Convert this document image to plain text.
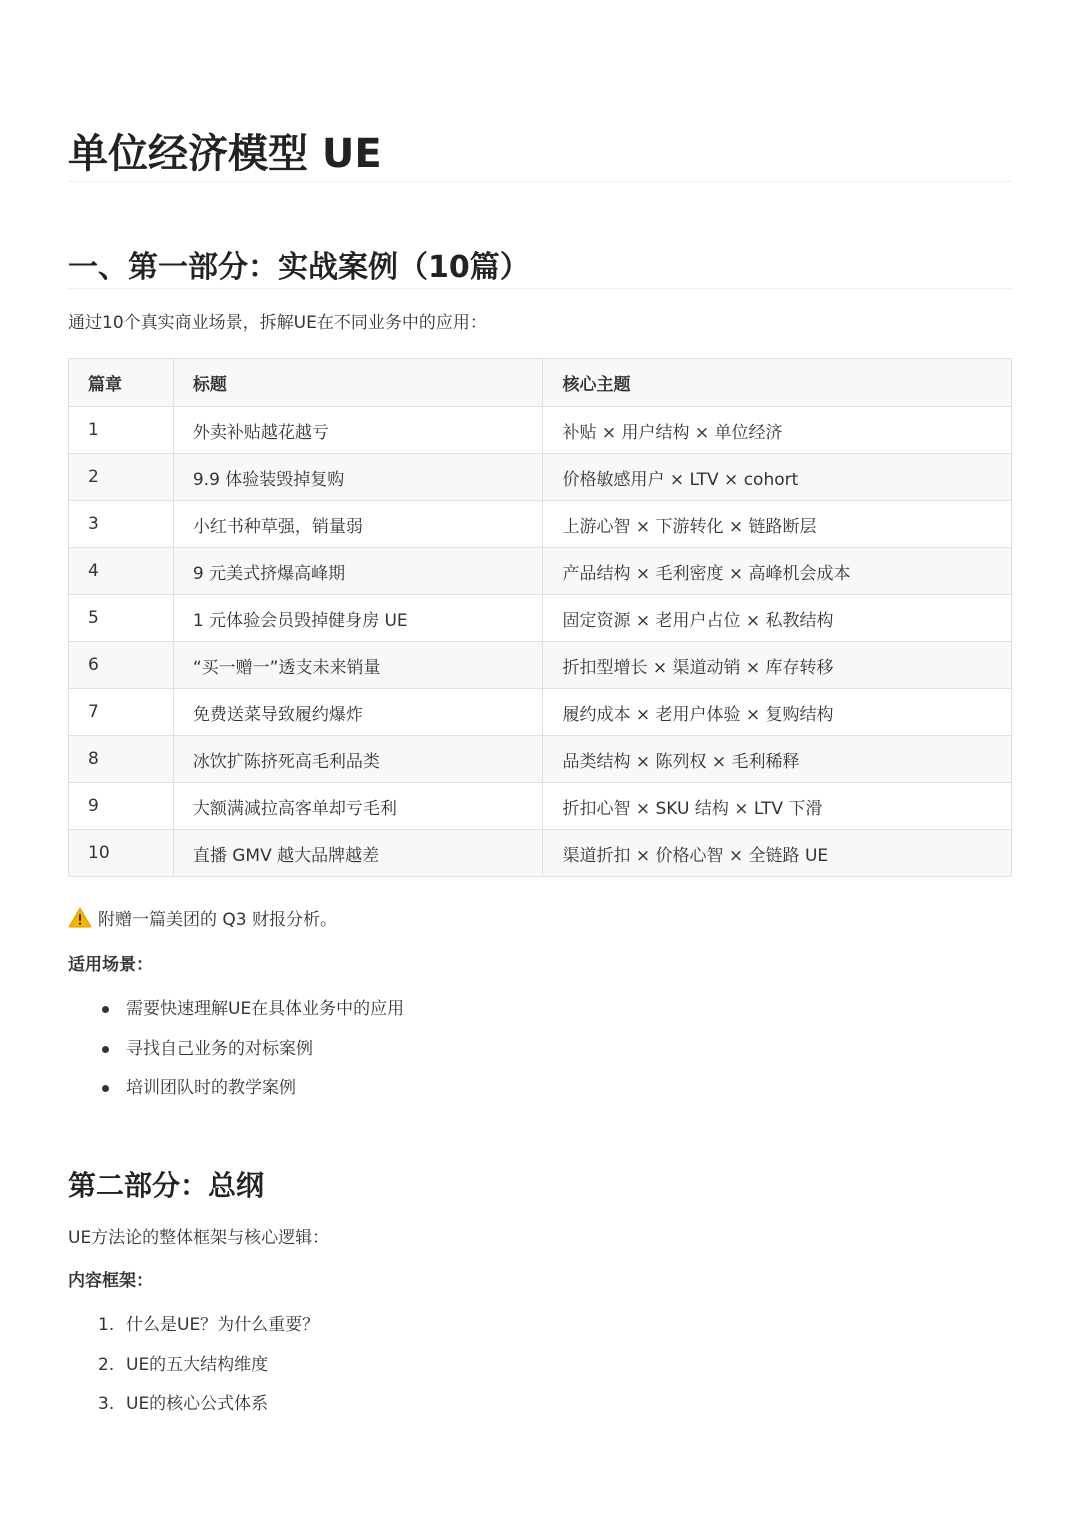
单位经济模型 UE
一、第一部分：实战案例（10篇）

通过10个真实商业场景，拆解UE在不同业务中的应用：

篇章	标题	核心主题
1	外卖补贴越花越亏	补贴 × 用户结构 × 单位经济
2	9.9 体验装毁掉复购	价格敏感用户 × LTV × cohort
3	小红书种草强，销量弱	上游心智 × 下游转化 × 链路断层
4	9 元美式挤爆高峰期	产品结构 × 毛利密度 × 高峰机会成本
5	1 元体验会员毁掉健身房 UE	固定资源 × 老用户占位 × 私教结构
6	“买一赠一”透支未来销量	折扣型增长 × 渠道动销 × 库存转移
7	免费送菜导致履约爆炸	履约成本 × 老用户体验 × 复购结构
8	冰饮扩陈挤死高毛利品类	品类结构 × 陈列权 × 毛利稀释
9	大额满减拉高客单却亏毛利	折扣心智 × SKU 结构 × LTV 下滑
10	直播 GMV 越大品牌越差	渠道折扣 × 价格心智 × 全链路 UE
附赠一篇美团的 Q3 财报分析。
适用场景：
需要快速理解UE在具体业务中的应用
寻找自己业务的对标案例
培训团队时的教学案例
第二部分：总纲

UE方法论的整体框架与核心逻辑：

内容框架：
1. 什么是UE？为什么重要？
2. UE的五大结构维度
3. UE的核心公式体系
